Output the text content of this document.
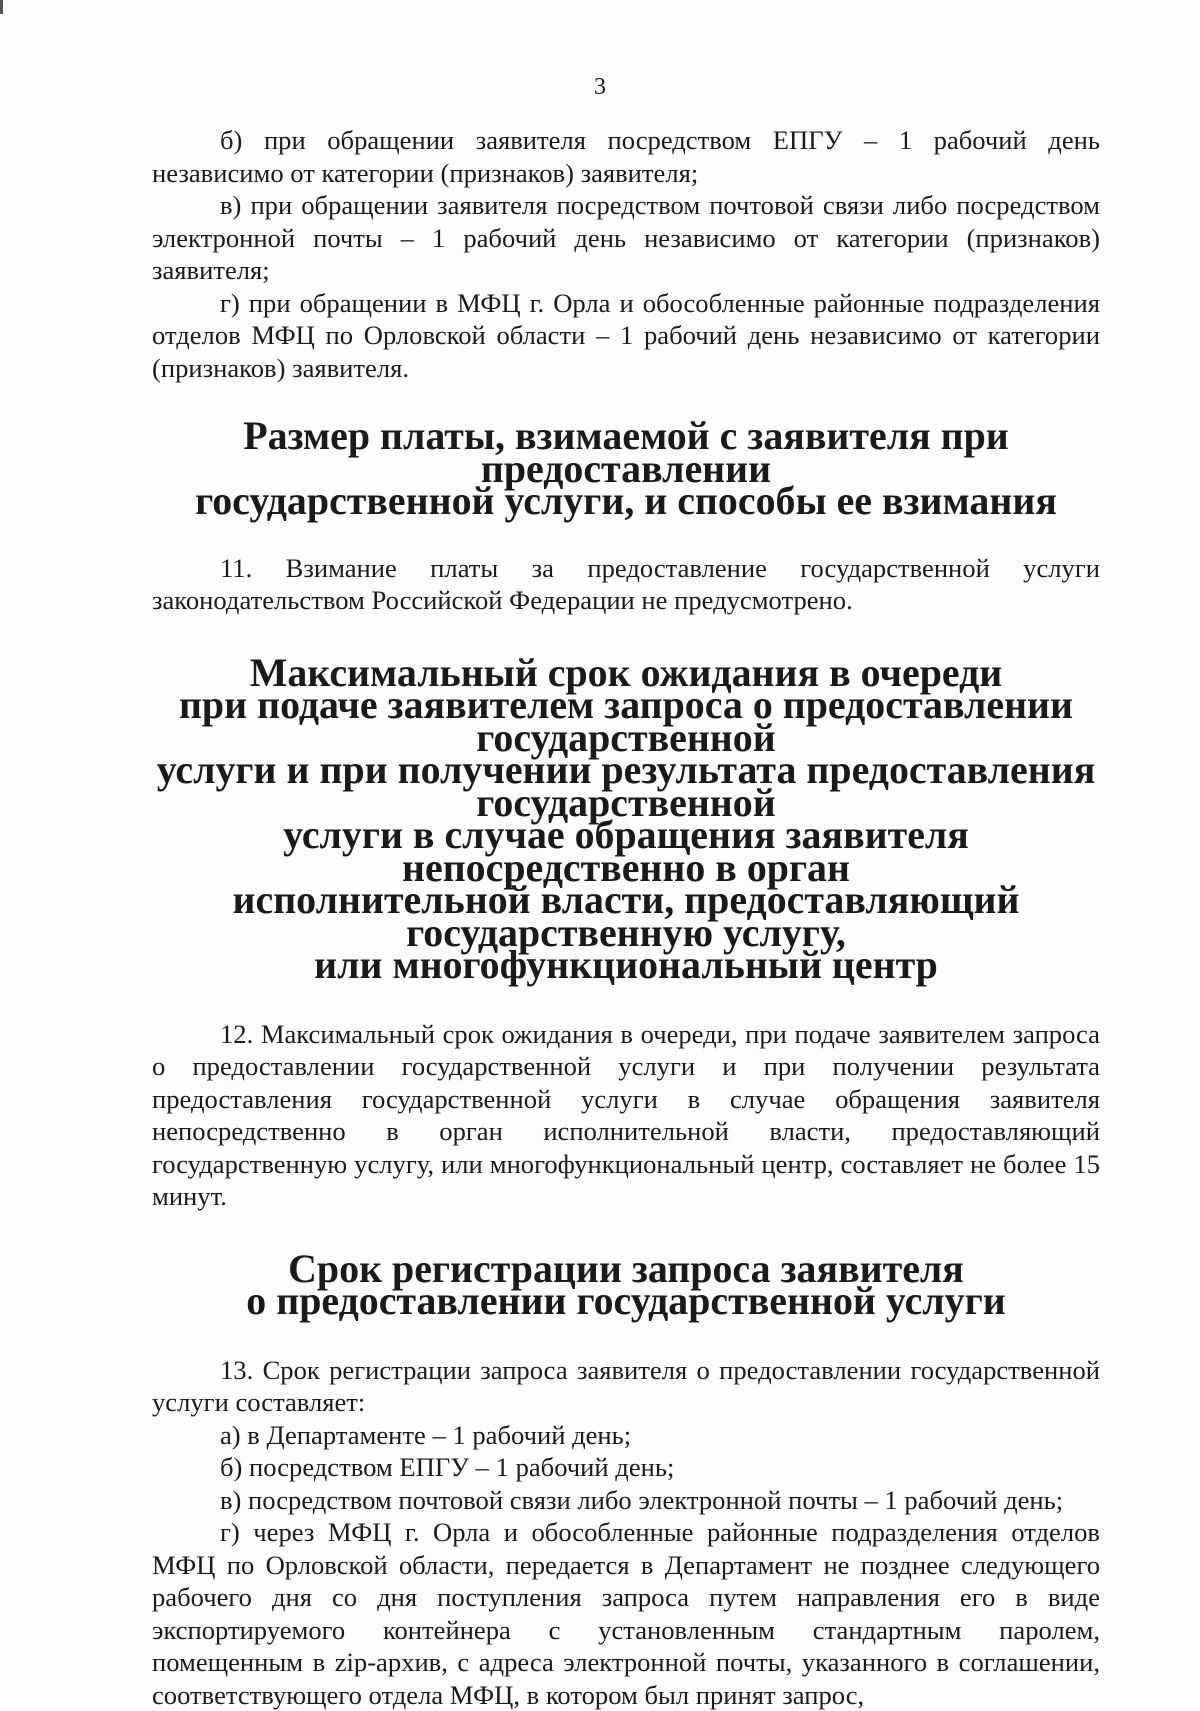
3

б) при обращении заявителя посредством ЕПГУ – 1 рабочий день независимо от категории (признаков) заявителя;

в) при обращении заявителя посредством почтовой связи либо посредством электронной почты – 1 рабочий день независимо от категории (признаков) заявителя;

г) при обращении в МФЦ г. Орла и обособленные районные подразделения отделов МФЦ по Орловской области – 1 рабочий день независимо от категории (признаков) заявителя.

Размер платы, взимаемой с заявителя при предоставлении
государственной услуги, и способы ее взимания

11. Взимание платы за предоставление государственной услуги законодательством Российской Федерации не предусмотрено.

Максимальный срок ожидания в очереди
при подаче заявителем запроса о предоставлении государственной
услуги и при получении результата предоставления государственной
услуги в случае обращения заявителя непосредственно в орган
исполнительной власти, предоставляющий государственную услугу,
или многофункциональный центр

12. Максимальный срок ожидания в очереди, при подаче заявителем запроса о предоставлении государственной услуги и при получении результата предоставления государственной услуги в случае обращения заявителя непосредственно в орган исполнительной власти, предоставляющий государственную услугу, или многофункциональный центр, составляет не более 15 минут.

Срок регистрации запроса заявителя
о предоставлении государственной услуги

13. Срок регистрации запроса заявителя о предоставлении государственной услуги составляет:

а) в Департаменте – 1 рабочий день;

б) посредством ЕПГУ – 1 рабочий день;

в) посредством почтовой связи либо электронной почты – 1 рабочий день;

г) через МФЦ г. Орла и обособленные районные подразделения отделов МФЦ по Орловской области, передается в Департамент не позднее следующего рабочего дня со дня поступления запроса путем направления его в виде экспортируемого контейнера с установленным стандартным паролем, помещенным в zip-архив, с адреса электронной почты, указанного в соглашении, соответствующего отдела МФЦ, в котором был принят запрос,
